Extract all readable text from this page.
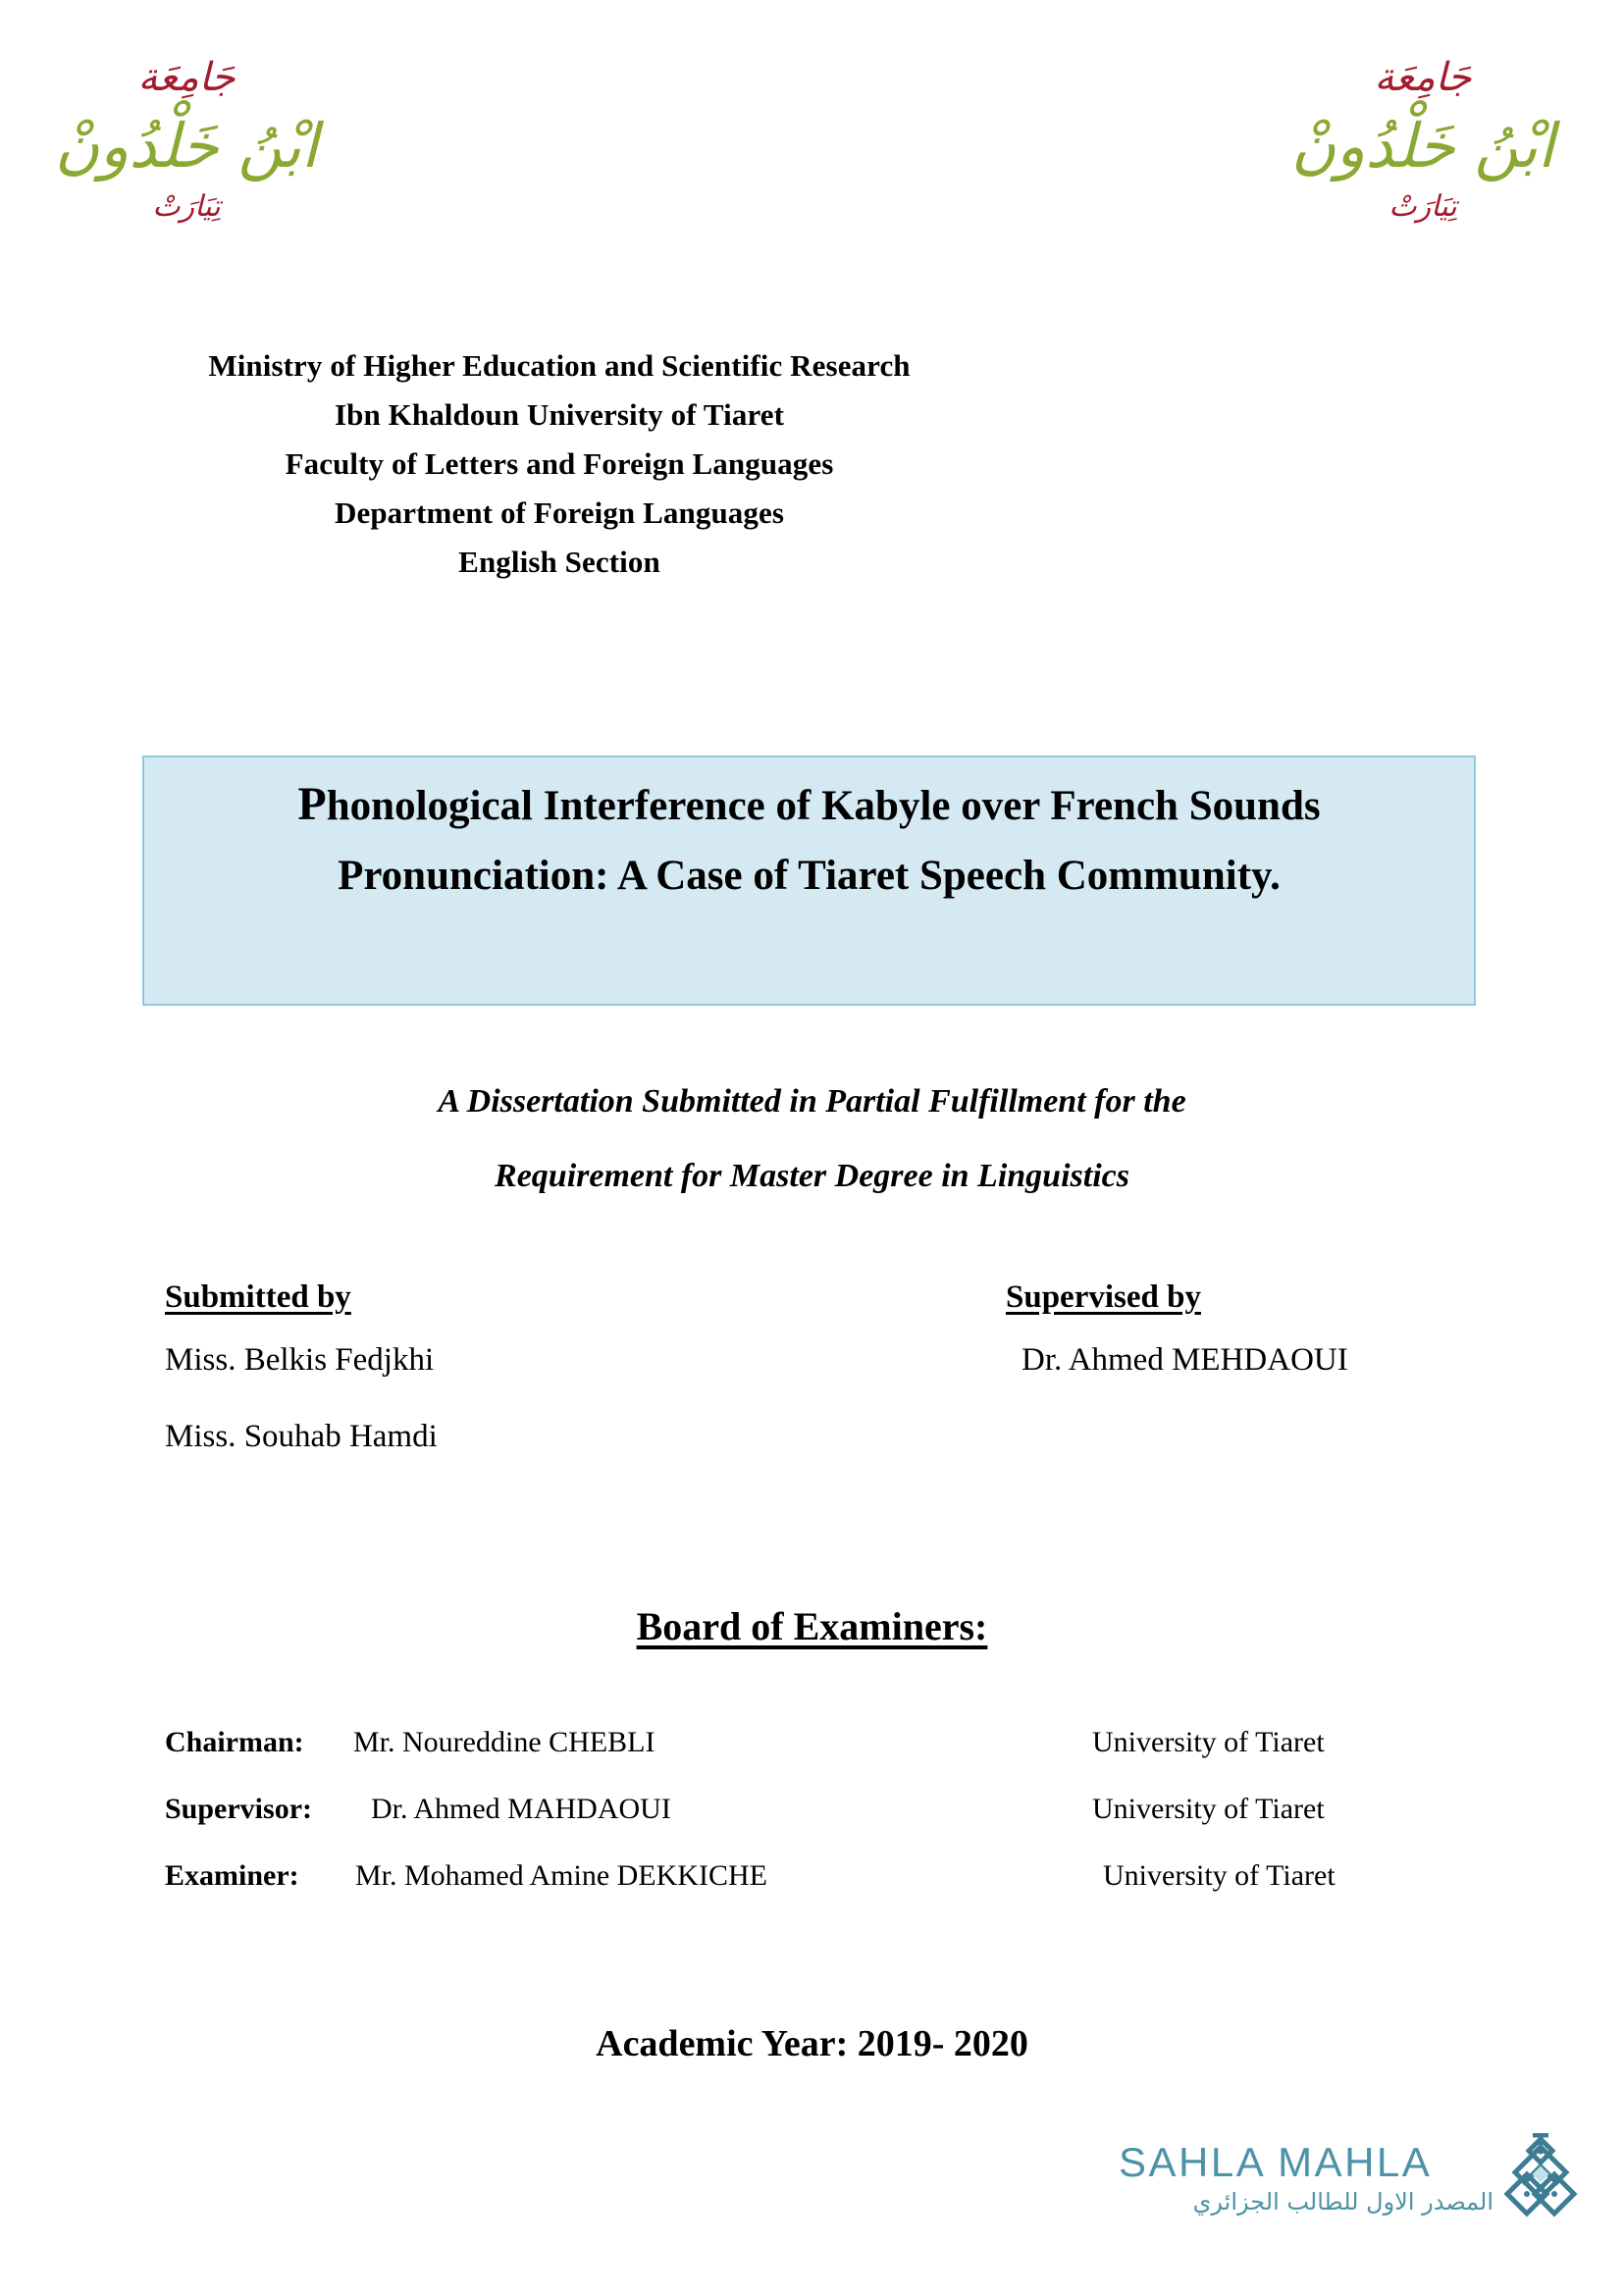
جَامِعَة
ابْنُ خَلْدُونْ
تِيَارَتْ
جَامِعَة
ابْنُ خَلْدُونْ
تِيَارَتْ
Ministry of Higher Education and Scientific Research
Ibn Khaldoun University of Tiaret
Faculty of Letters and Foreign Languages
Department of Foreign Languages
English Section
Phonological Interference of Kabyle over French Sounds Pronunciation: A Case of Tiaret Speech Community.
A Dissertation Submitted in Partial Fulfillment for the
Requirement for Master Degree in Linguistics
Submitted by
Miss. Belkis Fedjkhi
Miss. Souhab Hamdi
Supervised by
Dr. Ahmed MEHDAOUI
Board of Examiners:
Chairman: Mr. Noureddine CHEBLI	University of Tiaret
Supervisor: Dr. Ahmed MAHDAOUI	University of Tiaret
Examiner: Mr. Mohamed Amine DEKKICHE	University of Tiaret
Academic Year: 2019- 2020
SAHLA MAHLA
المصدر الاول للطالب الجزائري
